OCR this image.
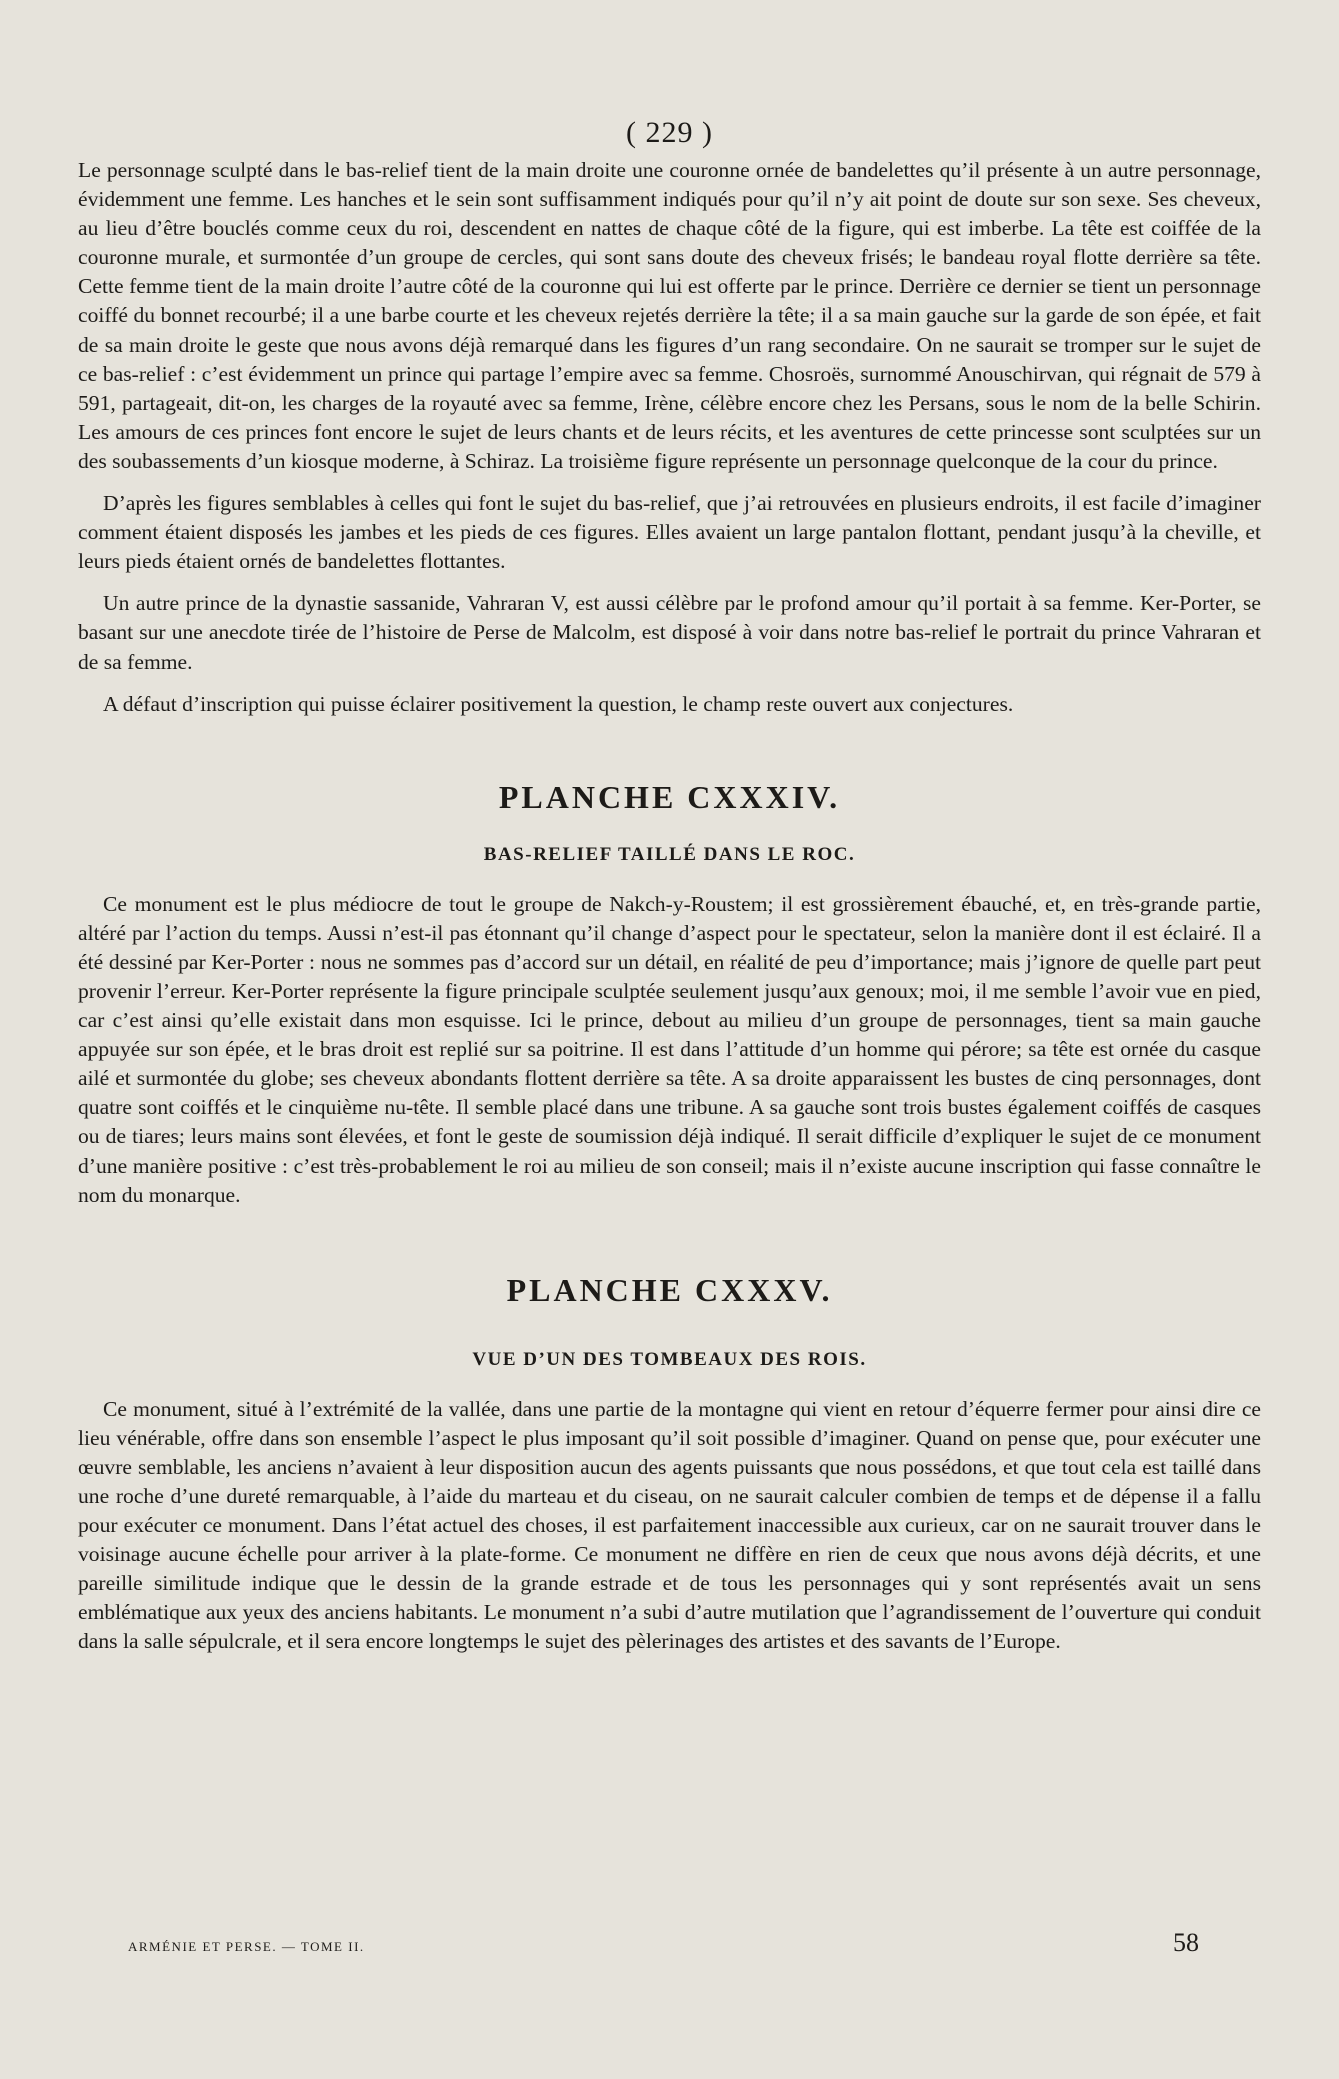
( 229 )

Le personnage sculpté dans le bas-relief tient de la main droite une couronne ornée de bandelettes qu’il présente à un autre personnage, évidemment une femme. Les hanches et le sein sont suffisamment indiqués pour qu’il n’y ait point de doute sur son sexe. Ses cheveux, au lieu d’être bouclés comme ceux du roi, descendent en nattes de chaque côté de la figure, qui est imberbe. La tête est coiffée de la couronne murale, et surmontée d’un groupe de cercles, qui sont sans doute des cheveux frisés; le bandeau royal flotte derrière sa tête. Cette femme tient de la main droite l’autre côté de la couronne qui lui est offerte par le prince. Derrière ce dernier se tient un personnage coiffé du bonnet recourbé; il a une barbe courte et les cheveux rejetés derrière la tête; il a sa main gauche sur la garde de son épée, et fait de sa main droite le geste que nous avons déjà remarqué dans les figures d’un rang secondaire. On ne saurait se tromper sur le sujet de ce bas-relief : c’est évidemment un prince qui partage l’empire avec sa femme. Chosroës, surnommé Anouschirvan, qui régnait de 579 à 591, partageait, dit-on, les charges de la royauté avec sa femme, Irène, célèbre encore chez les Persans, sous le nom de la belle Schirin. Les amours de ces princes font encore le sujet de leurs chants et de leurs récits, et les aventures de cette princesse sont sculptées sur un des soubassements d’un kiosque moderne, à Schiraz. La troisième figure représente un personnage quelconque de la cour du prince.

D’après les figures semblables à celles qui font le sujet du bas-relief, que j’ai retrouvées en plusieurs endroits, il est facile d’imaginer comment étaient disposés les jambes et les pieds de ces figures. Elles avaient un large pantalon flottant, pendant jusqu’à la cheville, et leurs pieds étaient ornés de bandelettes flottantes.

Un autre prince de la dynastie sassanide, Vahraran V, est aussi célèbre par le profond amour qu’il portait à sa femme. Ker-Porter, se basant sur une anecdote tirée de l’histoire de Perse de Malcolm, est disposé à voir dans notre bas-relief le portrait du prince Vahraran et de sa femme.

A défaut d’inscription qui puisse éclairer positivement la question, le champ reste ouvert aux conjectures.

PLANCHE CXXXIV.
BAS-RELIEF TAILLÉ DANS LE ROC.

Ce monument est le plus médiocre de tout le groupe de Nakch-y-Roustem; il est grossièrement ébauché, et, en très-grande partie, altéré par l’action du temps. Aussi n’est-il pas étonnant qu’il change d’aspect pour le spectateur, selon la manière dont il est éclairé. Il a été dessiné par Ker-Porter : nous ne sommes pas d’accord sur un détail, en réalité de peu d’importance; mais j’ignore de quelle part peut provenir l’erreur. Ker-Porter représente la figure principale sculptée seulement jusqu’aux genoux; moi, il me semble l’avoir vue en pied, car c’est ainsi qu’elle existait dans mon esquisse. Ici le prince, debout au milieu d’un groupe de personnages, tient sa main gauche appuyée sur son épée, et le bras droit est replié sur sa poitrine. Il est dans l’attitude d’un homme qui pérore; sa tête est ornée du casque ailé et surmontée du globe; ses cheveux abondants flottent derrière sa tête. A sa droite apparaissent les bustes de cinq personnages, dont quatre sont coiffés et le cinquième nu-tête. Il semble placé dans une tribune. A sa gauche sont trois bustes également coiffés de casques ou de tiares; leurs mains sont élevées, et font le geste de soumission déjà indiqué. Il serait difficile d’expliquer le sujet de ce monument d’une manière positive : c’est très-probablement le roi au milieu de son conseil; mais il n’existe aucune inscription qui fasse connaître le nom du monarque.

PLANCHE CXXXV.
VUE D’UN DES TOMBEAUX DES ROIS.

Ce monument, situé à l’extrémité de la vallée, dans une partie de la montagne qui vient en retour d’équerre fermer pour ainsi dire ce lieu vénérable, offre dans son ensemble l’aspect le plus imposant qu’il soit possible d’imaginer. Quand on pense que, pour exécuter une œuvre semblable, les anciens n’avaient à leur disposition aucun des agents puissants que nous possédons, et que tout cela est taillé dans une roche d’une dureté remarquable, à l’aide du marteau et du ciseau, on ne saurait calculer combien de temps et de dépense il a fallu pour exécuter ce monument. Dans l’état actuel des choses, il est parfaitement inaccessible aux curieux, car on ne saurait trouver dans le voisinage aucune échelle pour arriver à la plate-forme. Ce monument ne diffère en rien de ceux que nous avons déjà décrits, et une pareille similitude indique que le dessin de la grande estrade et de tous les personnages qui y sont représentés avait un sens emblématique aux yeux des anciens habitants. Le monument n’a subi d’autre mutilation que l’agrandissement de l’ouverture qui conduit dans la salle sépulcrale, et il sera encore longtemps le sujet des pèlerinages des artistes et des savants de l’Europe.

ARMÉNIE ET PERSE. — TOME II.	58
